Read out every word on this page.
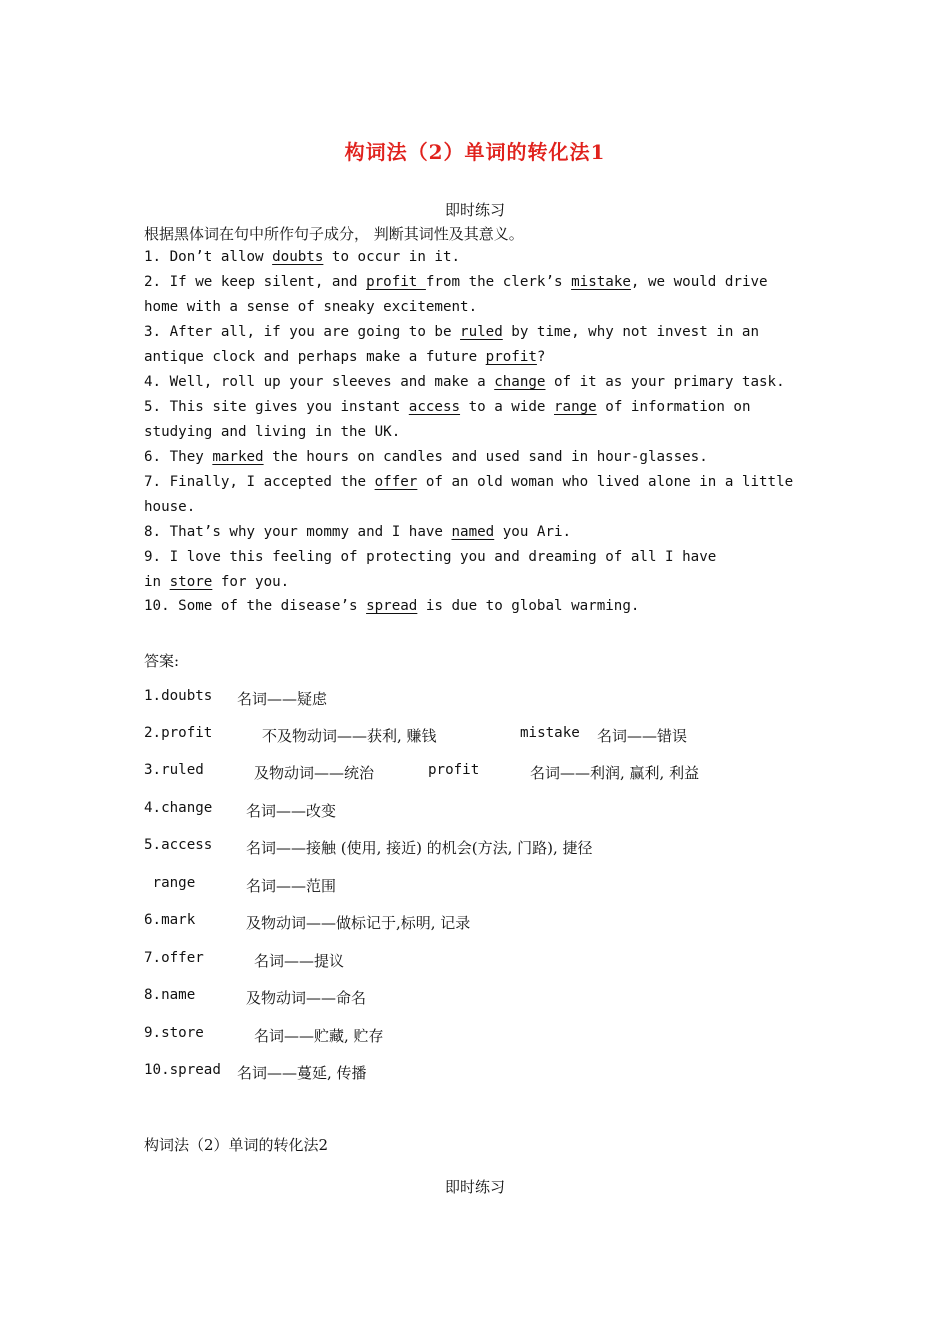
构词法（2）单词的转化法1
即时练习
根据黑体词在句中所作句子成分， 判断其词性及其意义。
1. Don’t allow doubts to occur in it.
2. If we keep silent, and profit from the clerk’s mistake, we would drive
home with a sense of sneaky excitement.
3. After all, if you are going to be ruled by time, why not invest in an
antique clock and perhaps make a future profit?
4. Well, roll up your sleeves and make a change of it as your primary task.
5. This site gives you instant access to a wide range of information on
studying and living in the UK.
6. They marked the hours on candles and used sand in hour-glasses.
7. Finally, I accepted the offer of an old woman who lived alone in a little
house.
8. That’s why your mommy and I have named you Ari.
9. I love this feeling of protecting you and dreaming of all I have
in store for you.
10. Some of the disease’s spread is due to global warming.
答案:
1.doubts 名词——疑虑
2.profit	不及物动词——获利, 赚钱	mistake 名词——错误
3.ruled	及物动词——统治	profit	名词——利润, 赢利, 利益
4.change 名词——改变
5.access 名词——接触 (使用, 接近) 的机会(方法, 门路), 捷径
range	名词——范围
6.mark	及物动词——做标记于,标明, 记录
7.offer	名词——提议
8.name	及物动词——命名
9.store	名词——贮藏, 贮存
10.spread 名词——蔓延, 传播
构词法（2）单词的转化法2
即时练习
